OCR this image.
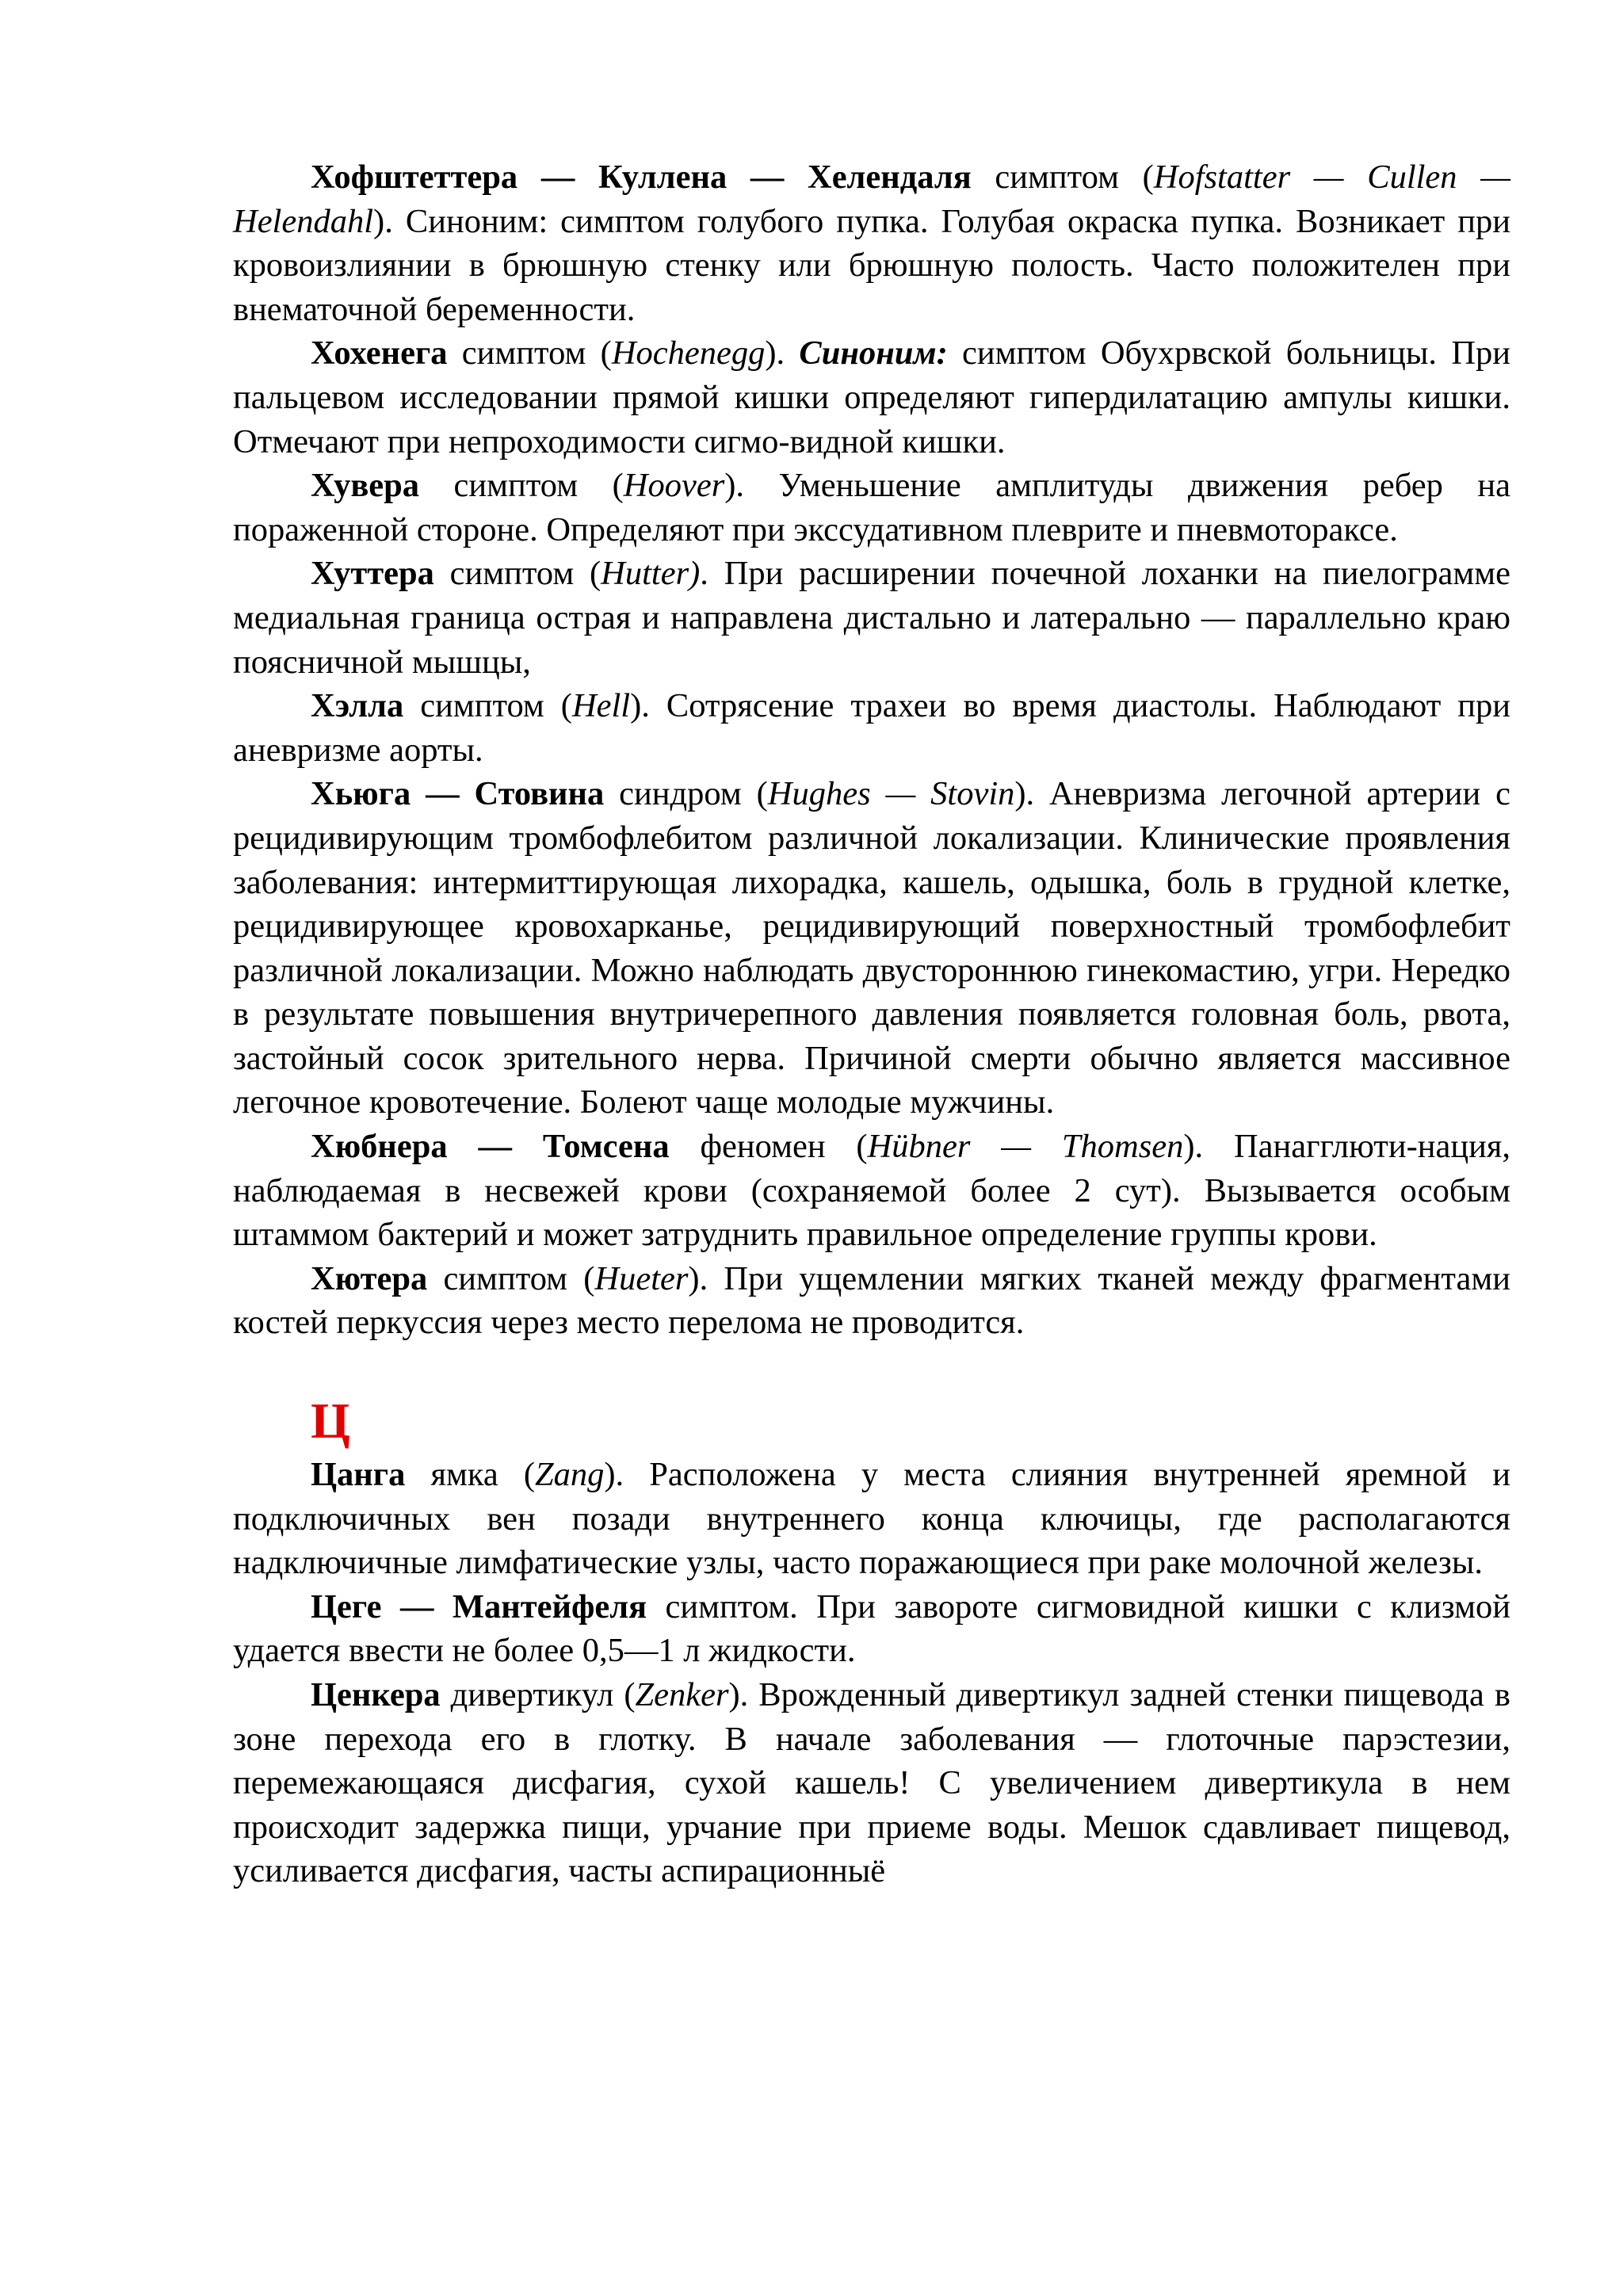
Хофштеттера — Куллена — Хелендаля симптом (Hofstatter — Cullen — Helendahl). Синоним: симптом голубого пупка. Голубая окраска пупка. Возникает при кровоизлиянии в брюшную стенку или брюшную полость. Часто положителен при внематочной беременности.

Хохенега симптом (Hochenegg). Синоним: симптом Обухрвской больницы. При пальцевом исследовании прямой кишки определяют гипердилатацию ампулы кишки. Отмечают при непроходимости сигмо-видной кишки.

Хувера симптом (Hoover). Уменьшение амплитуды движения ребер на пораженной стороне. Определяют при экссудативном плеврите и пневмотораксе.

Хуттера симптом (Hutter). При расширении почечной лоханки на пиелограмме медиальная граница острая и направлена дистально и латерально — параллельно краю поясничной мышцы,

Хэлла симптом (Hell). Сотрясение трахеи во время диастолы. Наблюдают при аневризме аорты.

Хьюга — Стовина синдром (Hughes — Stovin). Аневризма легочной артерии с рецидивирующим тромбофлебитом различной локализации. Клинические проявления заболевания: интермиттирующая лихорадка, кашель, одышка, боль в грудной клетке, рецидивирующее кровохарканье, рецидивирующий поверхностный тромбофлебит различной локализации. Можно наблюдать двустороннюю гинекомастию, угри. Нередко в результате повышения внутричерепного давления появляется головная боль, рвота, застойный сосок зрительного нерва. Причиной смерти обычно является массивное легочное кровотечение. Болеют чаще молодые мужчины.

Хюбнера — Томсена феномен (Hübner — Thomsen). Панагглюти-нация, наблюдаемая в несвежей крови (сохраняемой более 2 сут). Вызывается особым штаммом бактерий и может затруднить правильное определение группы крови.

Хютера симптом (Hueter). При ущемлении мягких тканей между фрагментами костей перкуссия через место перелома не проводится.

Ц

Цанга ямка (Zang). Расположена у места слияния внутренней яремной и подключичных вен позади внутреннего конца ключицы, где располагаются надключичные лимфатические узлы, часто поражающиеся при раке молочной железы.

Цеге — Мантейфеля симптом. При завороте сигмовидной кишки с клизмой удается ввести не более 0,5—1 л жидкости.

Ценкера дивертикул (Zenker). Врожденный дивертикул задней стенки пищевода в зоне перехода его в глотку. В начале заболевания — глоточные парэстезии, перемежающаяся дисфагия, сухой кашель! С увеличением дивертикула в нем происходит задержка пищи, урчание при приеме воды. Мешок сдавливает пищевод, усиливается дисфагия, часты аспирационныё
